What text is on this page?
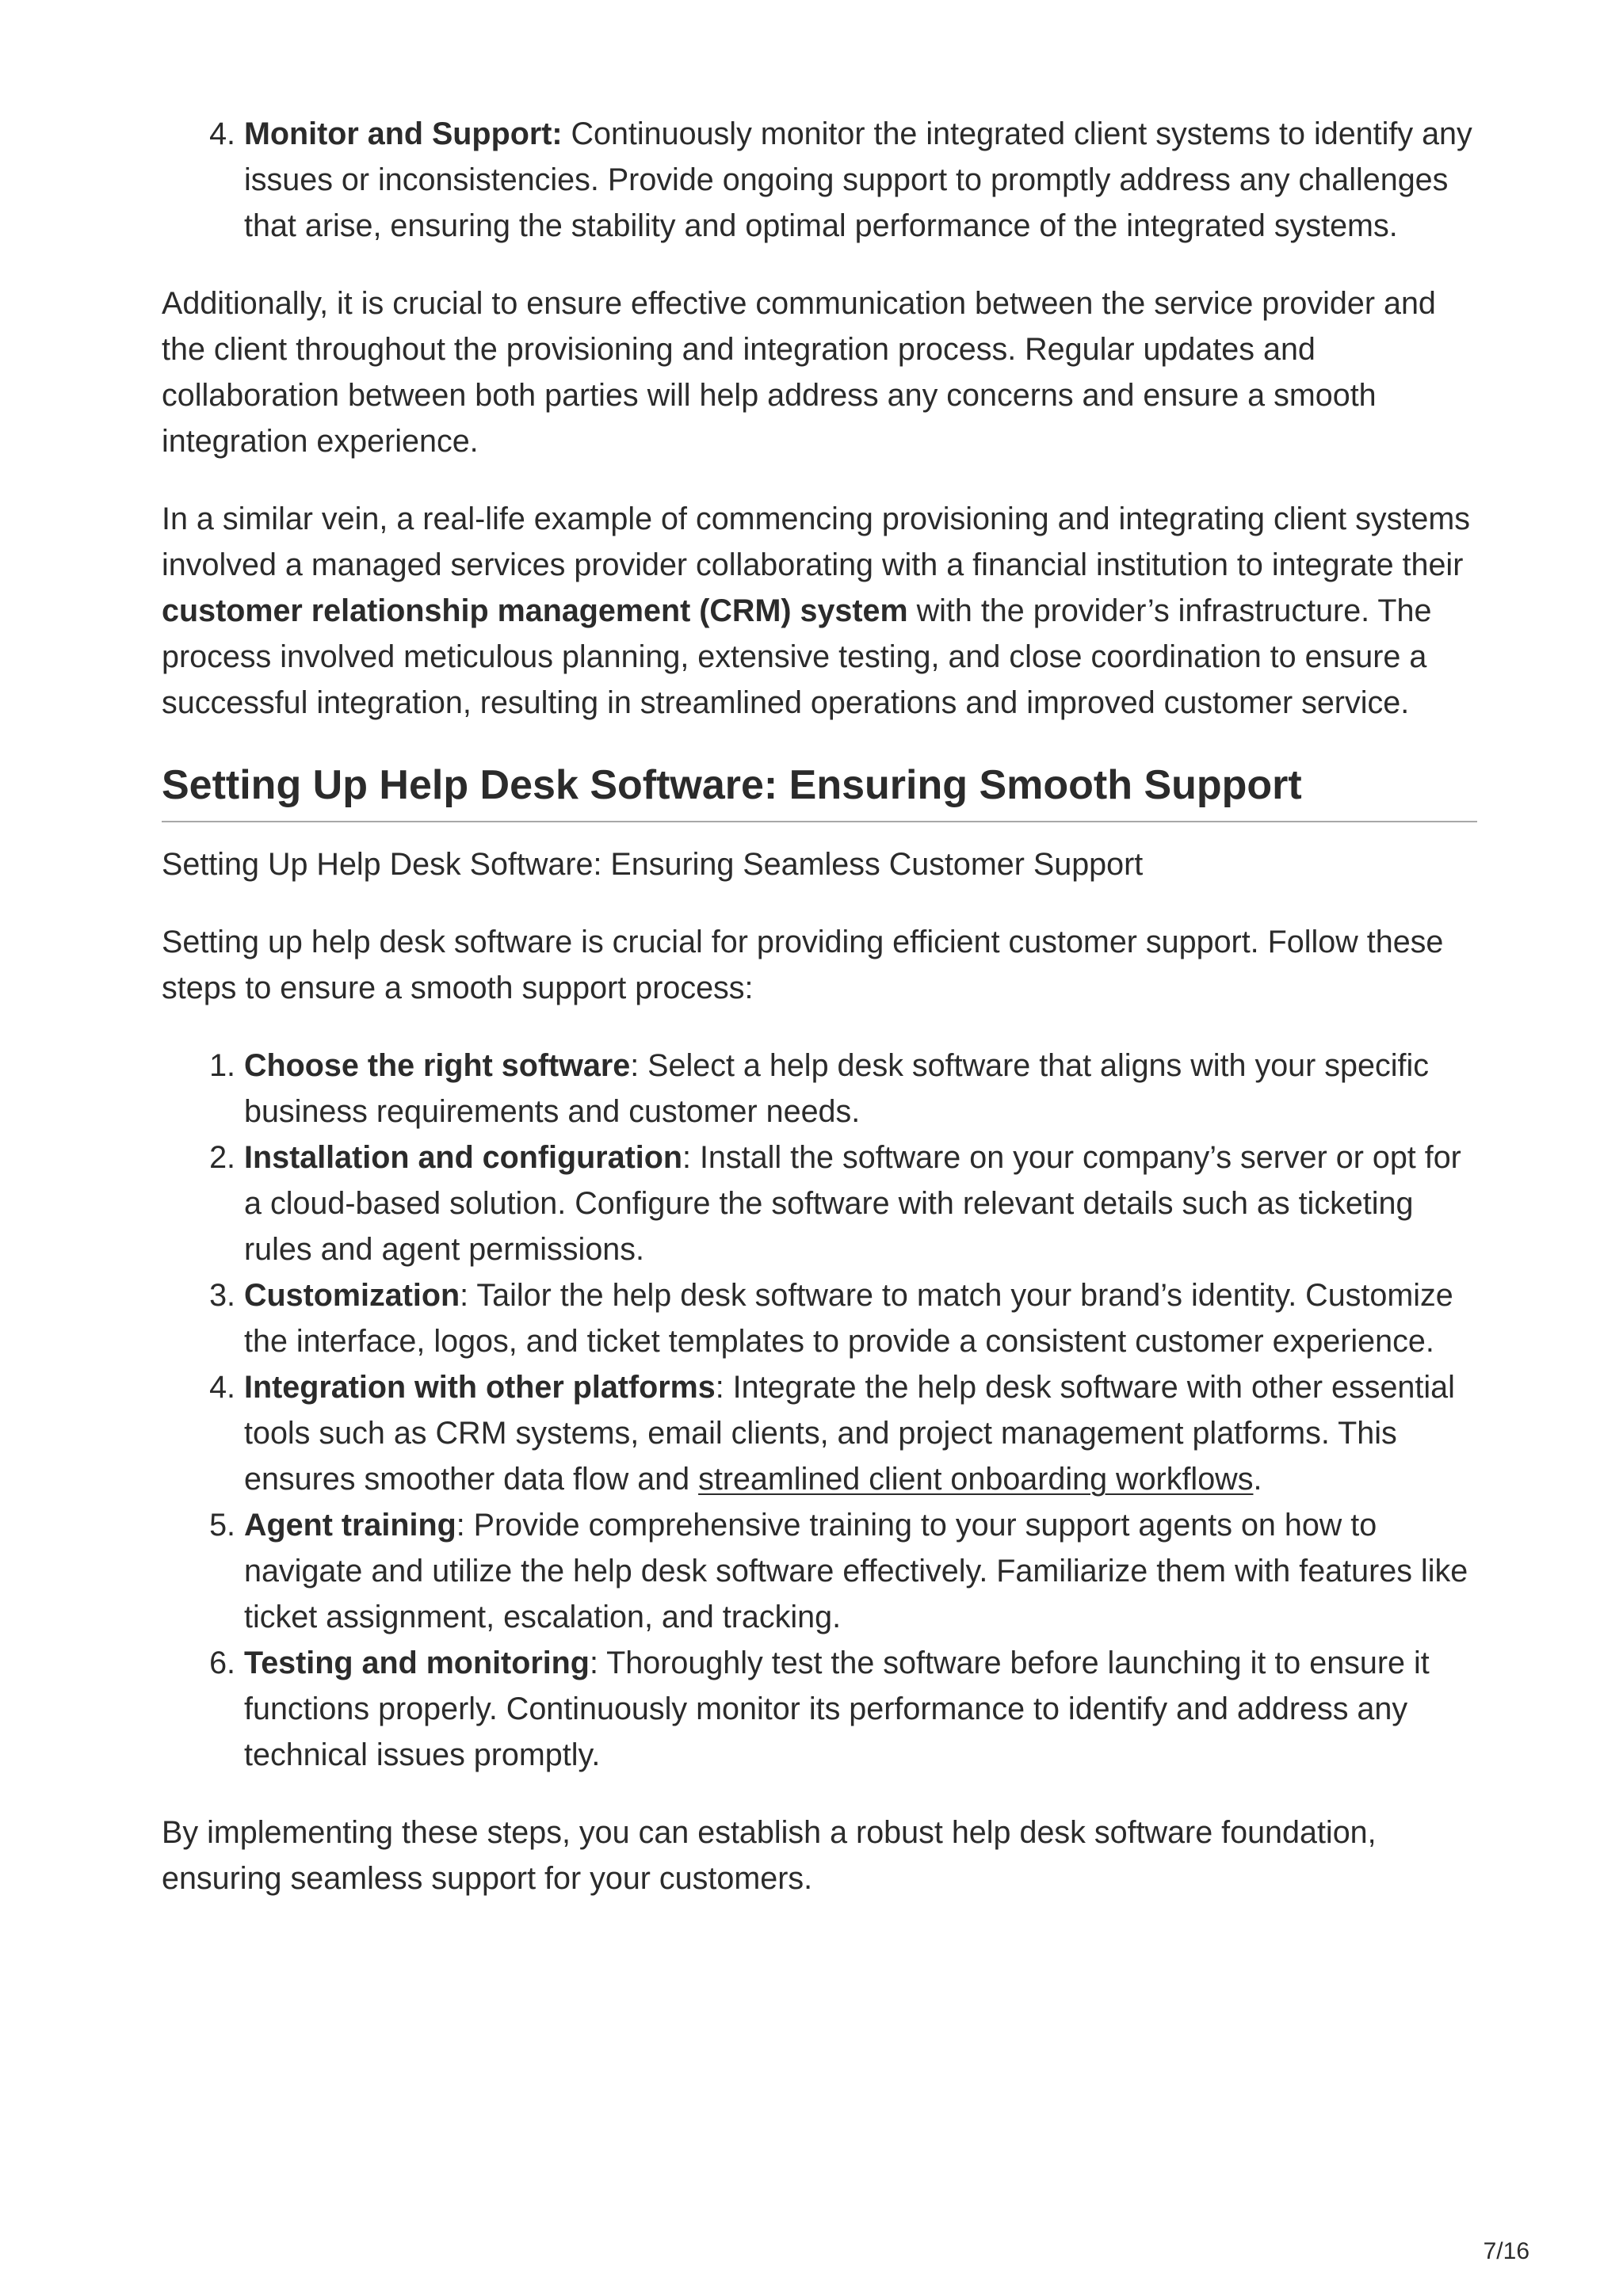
4. Monitor and Support: Continuously monitor the integrated client systems to identify any issues or inconsistencies. Provide ongoing support to promptly address any challenges that arise, ensuring the stability and optimal performance of the integrated systems.

Additionally, it is crucial to ensure effective communication between the service provider and the client throughout the provisioning and integration process. Regular updates and collaboration between both parties will help address any concerns and ensure a smooth integration experience.

In a similar vein, a real-life example of commencing provisioning and integrating client systems involved a managed services provider collaborating with a financial institution to integrate their customer relationship management (CRM) system with the provider’s infrastructure. The process involved meticulous planning, extensive testing, and close coordination to ensure a successful integration, resulting in streamlined operations and improved customer service.

Setting Up Help Desk Software: Ensuring Smooth Support

Setting Up Help Desk Software: Ensuring Seamless Customer Support

Setting up help desk software is crucial for providing efficient customer support. Follow these steps to ensure a smooth support process:

1. Choose the right software: Select a help desk software that aligns with your specific business requirements and customer needs.
2. Installation and configuration: Install the software on your company’s server or opt for a cloud-based solution. Configure the software with relevant details such as ticketing rules and agent permissions.
3. Customization: Tailor the help desk software to match your brand’s identity. Customize the interface, logos, and ticket templates to provide a consistent customer experience.
4. Integration with other platforms: Integrate the help desk software with other essential tools such as CRM systems, email clients, and project management platforms. This ensures smoother data flow and streamlined client onboarding workflows.
5. Agent training: Provide comprehensive training to your support agents on how to navigate and utilize the help desk software effectively. Familiarize them with features like ticket assignment, escalation, and tracking.
6. Testing and monitoring: Thoroughly test the software before launching it to ensure it functions properly. Continuously monitor its performance to identify and address any technical issues promptly.

By implementing these steps, you can establish a robust help desk software foundation, ensuring seamless support for your customers.

7/16
